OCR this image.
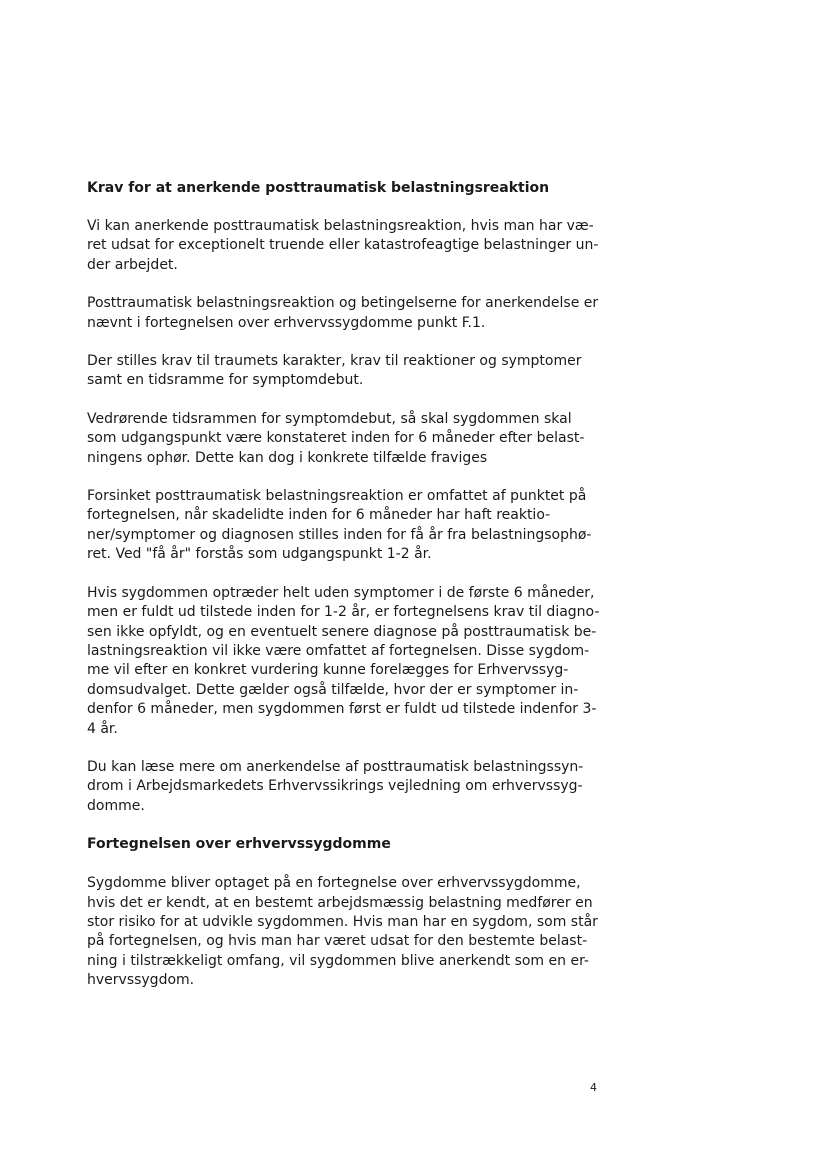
Krav for at anerkende posttraumatisk belastningsreaktion

Vi kan anerkende posttraumatisk belastningsreaktion, hvis man har væ-
ret udsat for exceptionelt truende eller katastrofeagtige belastninger un-
der arbejdet.

Posttraumatisk belastningsreaktion og betingelserne for anerkendelse er
nævnt i fortegnelsen over erhvervssygdomme punkt F.1.

Der stilles krav til traumets karakter, krav til reaktioner og symptomer
samt en tidsramme for symptomdebut.

Vedrørende tidsrammen for symptomdebut, så skal sygdommen skal
som udgangspunkt være konstateret inden for 6 måneder efter belast-
ningens ophør. Dette kan dog i konkrete tilfælde fraviges

Forsinket posttraumatisk belastningsreaktion er omfattet af punktet på
fortegnelsen, når skadelidte inden for 6 måneder har haft reaktio-
ner/symptomer og diagnosen stilles inden for få år fra belastningsophø-
ret. Ved "få år" forstås som udgangspunkt 1-2 år.

Hvis sygdommen optræder helt uden symptomer i de første 6 måneder,
men er fuldt ud tilstede inden for 1-2 år, er fortegnelsens krav til diagno-
sen ikke opfyldt, og en eventuelt senere diagnose på posttraumatisk be-
lastningsreaktion vil ikke være omfattet af fortegnelsen. Disse sygdom-
me vil efter en konkret vurdering kunne forelægges for Erhvervssyg-
domsudvalget. Dette gælder også tilfælde, hvor der er symptomer in-
denfor 6 måneder, men sygdommen først er fuldt ud tilstede indenfor 3-
4 år.

Du kan læse mere om anerkendelse af posttraumatisk belastningssyn-
drom i Arbejdsmarkedets Erhvervssikrings vejledning om erhvervssyg-
domme.

Fortegnelsen over erhvervssygdomme

Sygdomme bliver optaget på en fortegnelse over erhvervssygdomme,
hvis det er kendt, at en bestemt arbejdsmæssig belastning medfører en
stor risiko for at udvikle sygdommen. Hvis man har en sygdom, som står
på fortegnelsen, og hvis man har været udsat for den bestemte belast-
ning i tilstrækkeligt omfang, vil sygdommen blive anerkendt som en er-
hvervssygdom.

4
